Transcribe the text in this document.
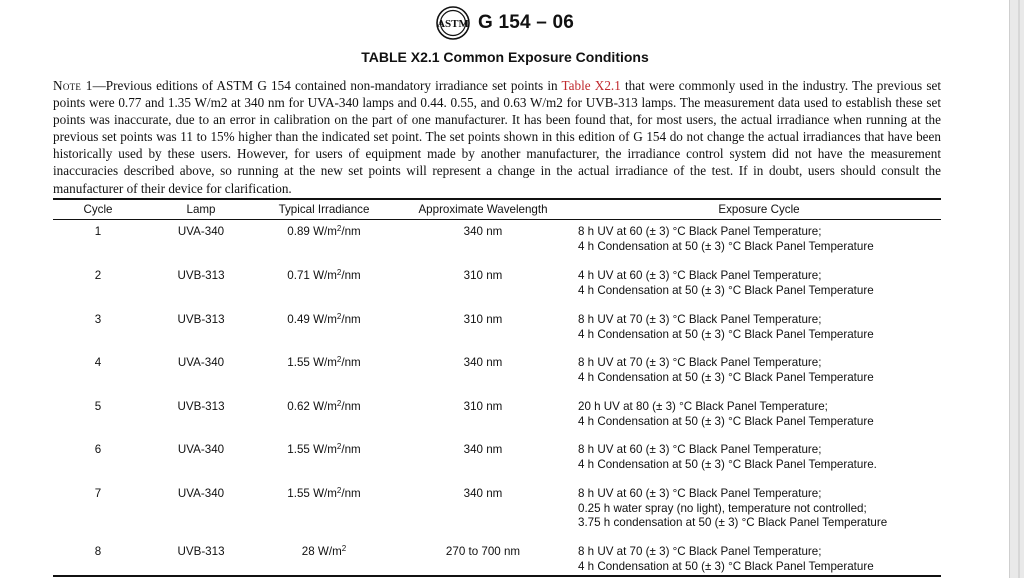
ASTM G 154 – 06
TABLE X2.1 Common Exposure Conditions
Note 1—Previous editions of ASTM G 154 contained non-mandatory irradiance set points in Table X2.1 that were commonly used in the industry. The previous set points were 0.77 and 1.35 W/m2 at 340 nm for UVA-340 lamps and 0.44. 0.55, and 0.63 W/m2 for UVB-313 lamps. The measurement data used to establish these set points was inaccurate, due to an error in calibration on the part of one manufacturer. It has been found that, for most users, the actual irradiance when running at the previous set points was 11 to 15% higher than the indicated set point. The set points shown in this edition of G 154 do not change the actual irradiances that have been historically used by these users. However, for users of equipment made by another manufacturer, the irradiance control system did not have the measurement inaccuracies described above, so running at the new set points will represent a change in the actual irradiance of the test. If in doubt, users should consult the manufacturer of their device for clarification.
Cycle	Lamp	Typical Irradiance	Approximate Wavelength	Exposure Cycle
1	UVA-340	0.89 $W/m^2/nm$	340 nm	8 h UV at 60 (± 3) °C Black Panel Temperature;
4 h Condensation at 50 (± 3) °C Black Panel Temperature
2	UVB-313	0.71 $W/m^2/nm$	310 nm	4 h UV at 60 (± 3) °C Black Panel Temperature;
4 h Condensation at 50 (± 3) °C Black Panel Temperature
3	UVB-313	0.49 $W/m^2/nm$	310 nm	8 h UV at 70 (± 3) °C Black Panel Temperature;
4 h Condensation at 50 (± 3) °C Black Panel Temperature
4	UVA-340	1.55 $W/m^2/nm$	340 nm	8 h UV at 70 (± 3) °C Black Panel Temperature;
4 h Condensation at 50 (± 3) °C Black Panel Temperature
5	UVB-313	0.62 $W/m^2/nm$	310 nm	20 h UV at 80 (± 3) °C Black Panel Temperature;
4 h Condensation at 50 (± 3) °C Black Panel Temperature
6	UVA-340	1.55 $W/m^2/nm$	340 nm	8 h UV at 60 (± 3) °C Black Panel Temperature;
4 h Condensation at 50 (± 3) °C Black Panel Temperature.
7	UVA-340	1.55 $W/m^2/nm$	340 nm	8 h UV at 60 (± 3) °C Black Panel Temperature;
0.25 h water spray (no light), temperature not controlled;
3.75 h condensation at 50 (± 3) °C Black Panel Temperature
8	UVB-313	28 $W/m^2$	270 to 700 nm	8 h UV at 70 (± 3) °C Black Panel Temperature;
4 h Condensation at 50 (± 3) °C Black Panel Temperature
